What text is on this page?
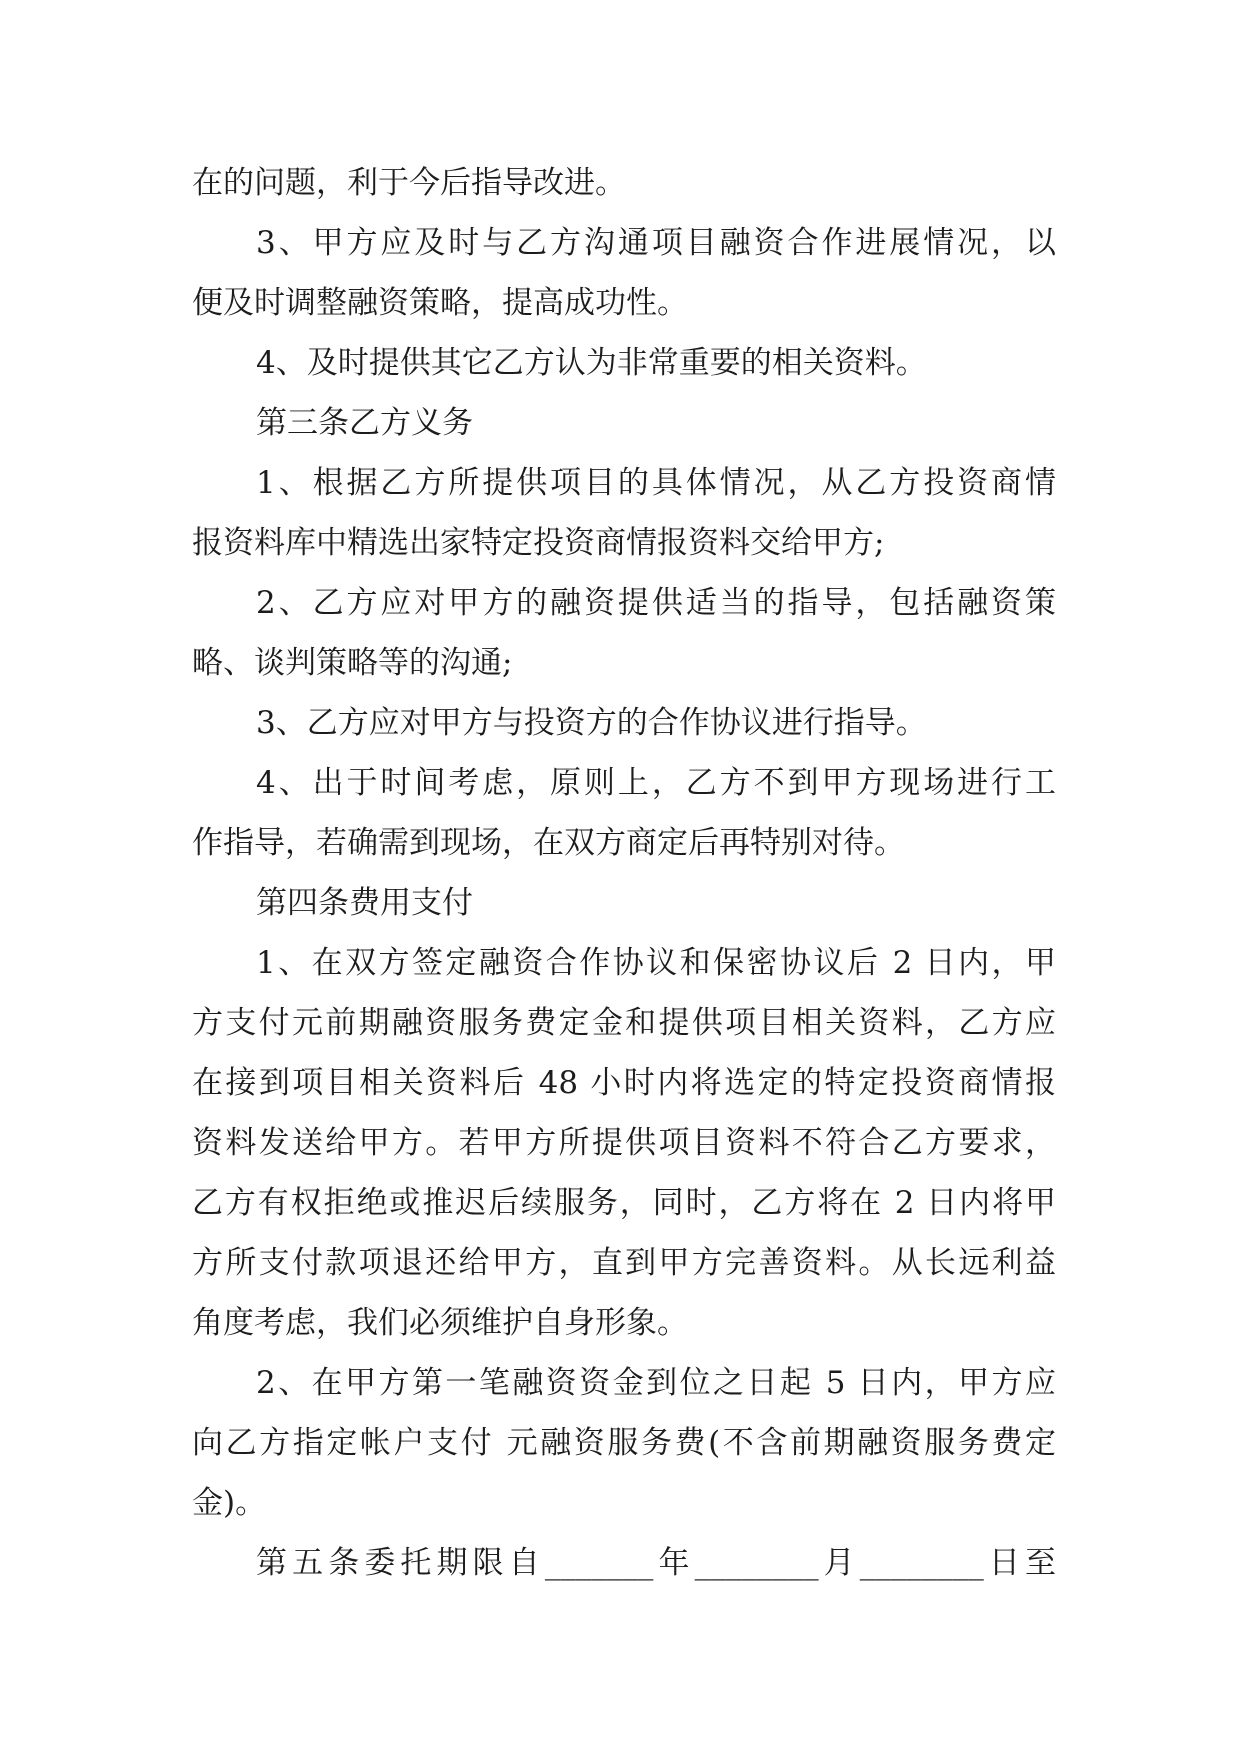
在的问题，利于今后指导改进。
3、甲方应及时与乙方沟通项目融资合作进展情况，以
便及时调整融资策略，提高成功性。
4、及时提供其它乙方认为非常重要的相关资料。
第三条乙方义务
1、根据乙方所提供项目的具体情况，从乙方投资商情
报资料库中精选出家特定投资商情报资料交给甲方;
2、乙方应对甲方的融资提供适当的指导，包括融资策
略、谈判策略等的沟通;
3、乙方应对甲方与投资方的合作协议进行指导。
4、出于时间考虑，原则上，乙方不到甲方现场进行工
作指导，若确需到现场，在双方商定后再特别对待。
第四条费用支付
1、在双方签定融资合作协议和保密协议后 2 日内，甲
方支付元前期融资服务费定金和提供项目相关资料，乙方应
在接到项目相关资料后 48 小时内将选定的特定投资商情报
资料发送给甲方。若甲方所提供项目资料不符合乙方要求，
乙方有权拒绝或推迟后续服务，同时，乙方将在 2 日内将甲
方所支付款项退还给甲方，直到甲方完善资料。从长远利益
角度考虑，我们必须维护自身形象。
2、在甲方第一笔融资资金到位之日起 5 日内，甲方应
向乙方指定帐户支付 元融资服务费(不含前期融资服务费定
金)。
第五条委托期限自_______年________月________日至
